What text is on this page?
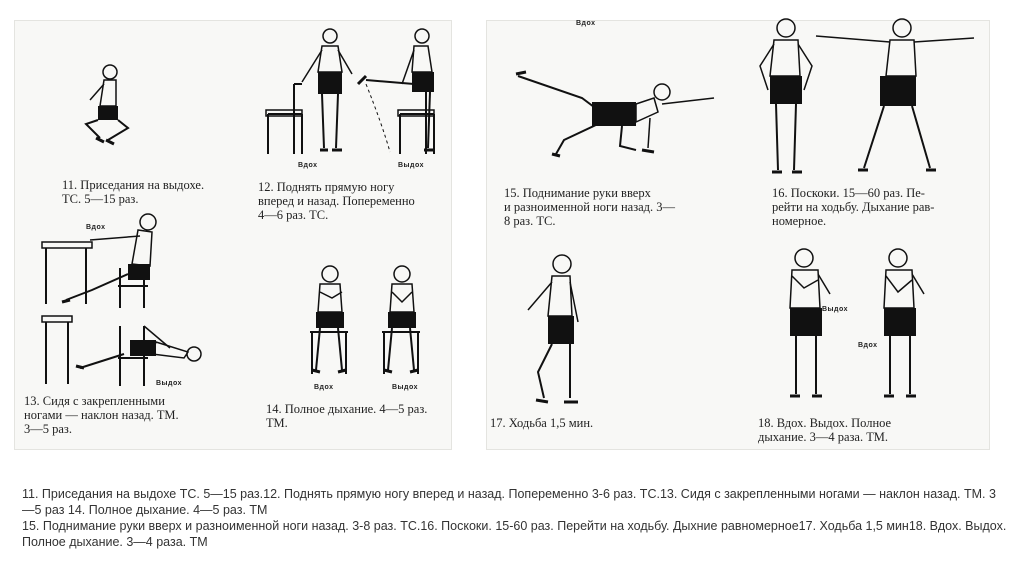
11. Приседания на выдохе.
ТС. 5—15 раз.
Вдох	Выдох
12. Поднять прямую ногу
вперед и назад. Попеременно
4—6 раз. ТС.
Вдох
Выдох
13. Сидя с закрепленными
ногами — наклон назад. ТМ.
3—5 раз.
Вдох	Выдох
14. Полное дыхание. 4—5 раз.
ТМ.
Вдох
15. Поднимание руки вверх
и разноименной ноги назад. 3—
8 раз. ТС.
16. Поскоки. 15—60 раз. Пе-
рейти на ходьбу. Дыхание рав-
номерное.
17. Ходьба 1,5 мин.
Выдох
Вдох
18. Вдох. Выдох. Полное
дыхание. 3—4 раза. ТМ.

11. Приседания на выдохе ТС. 5—15 раз.12. Поднять прямую ногу вперед и назад. Попеременно 3-6 раз. ТС.13. Сидя с закрепленными ногами — наклон назад. ТМ. 3—5 раз 14. Полное дыхание. 4—5 раз. ТМ

15. Поднимание руки вверх и разноименной ноги назад. 3-8 раз. ТС.16. Поскоки. 15-60 раз. Перейти на ходьбу. Дыхние равномерное17. Ходьба 1,5 мин18. Вдох. Выдох. Полное дыхание. 3—4 раза. ТМ
